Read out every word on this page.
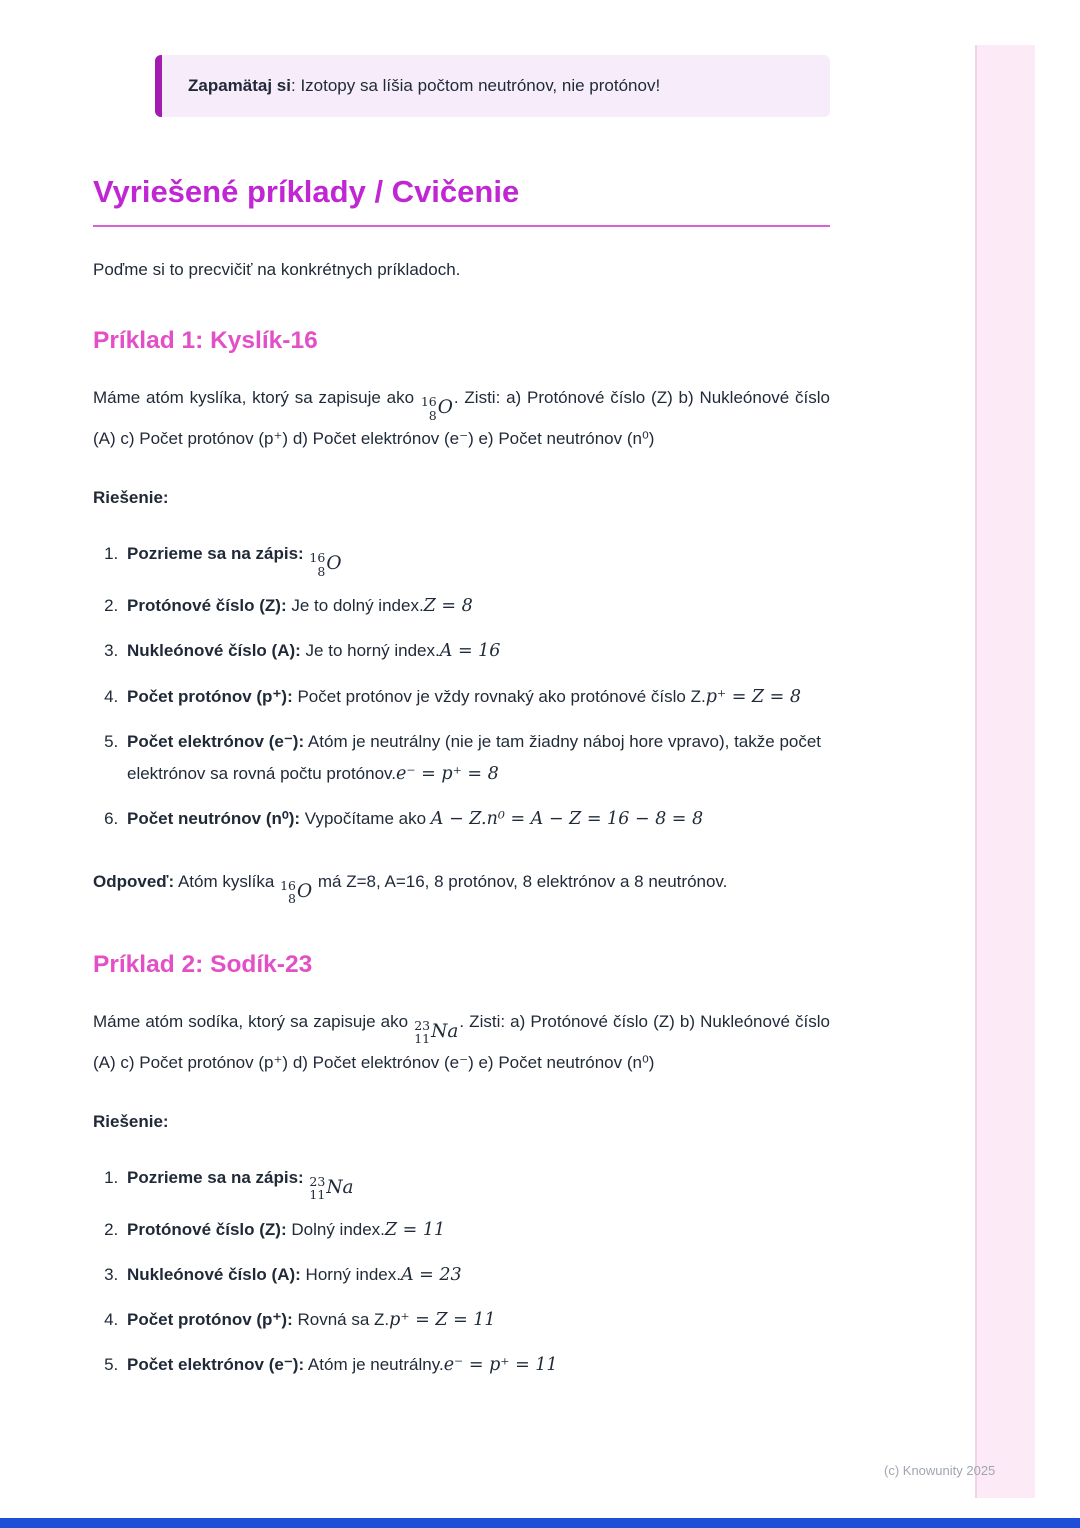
(c) Knowunity 2025
Zapamätaj si: Izotopy sa líšia počtom neutrónov, nie protónov!
Vyriešené príklady / Cvičenie

Poďme si to precvičiť na konkrétnych príkladoch.

Príklad 1: Kyslík-16

Máme atóm kyslíka, ktorý sa zapisuje ako 16
8 O . Zisti: a) Protónové číslo (Z) b) Nukleónové číslo (A) c) Počet protónov (p⁺) d) Počet elektrónov (e⁻) e) Počet neutrónov (n⁰)

Riešenie:

1. Pozrieme sa na zápis: 16
8 O
2. Protónové číslo (Z): Je to dolný index.Z = 8
3. Nukleónové číslo (A): Je to horný index.A = 16
4. Počet protónov (p⁺): Počet protónov je vždy rovnaký ako protónové číslo Z.p⁺ = Z = 8
5. Počet elektrónov (e⁻): Atóm je neutrálny (nie je tam žiadny náboj hore vpravo), takže počet elektrónov sa rovná počtu protónov.e⁻ = p⁺ = 8
6. Počet neutrónov (n⁰): Vypočítame ako A − Z.n⁰ = A − Z = 16 − 8 = 8

Odpoveď: Atóm kyslíka 16
8 O má Z=8, A=16, 8 protónov, 8 elektrónov a 8 neutrónov.

Príklad 2: Sodík-23

Máme atóm sodíka, ktorý sa zapisuje ako 23
11 Na . Zisti: a) Protónové číslo (Z) b) Nukleónové číslo (A) c) Počet protónov (p⁺) d) Počet elektrónov (e⁻) e) Počet neutrónov (n⁰)

Riešenie:

1. Pozrieme sa na zápis: 23
11 Na
2. Protónové číslo (Z): Dolný index.Z = 11
3. Nukleónové číslo (A): Horný index.A = 23
4. Počet protónov (p⁺): Rovná sa Z.p⁺ = Z = 11
5. Počet elektrónov (e⁻): Atóm je neutrálny.e⁻ = p⁺ = 11
